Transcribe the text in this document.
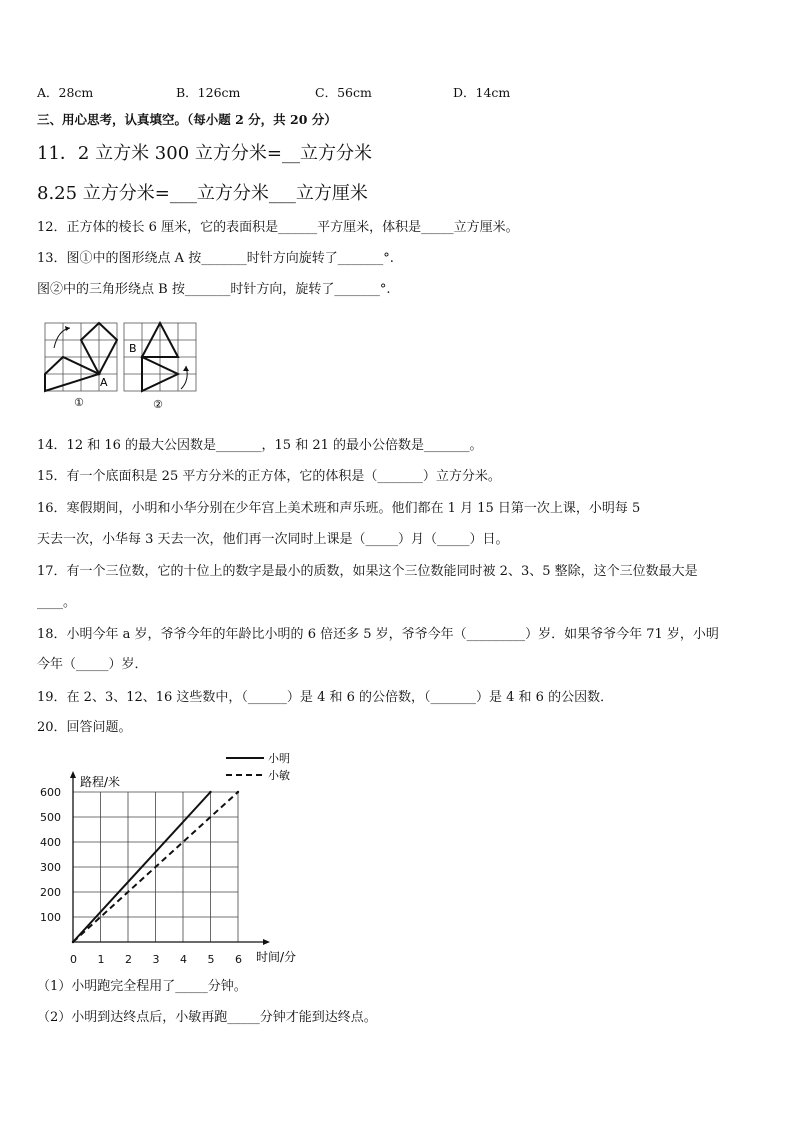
A．28cm	B．126cm	C．56cm	D．14cm
三、用心思考，认真填空。（每小题 2 分，共 20 分）
11．2 立方米 300 立方分米=__立方分米
8.25 立方分米=___立方分米___立方厘米
12．正方体的棱长 6 厘米，它的表面积是______平方厘米，体积是_____立方厘米。
13．图①中的图形绕点 A 按_______时针方向旋转了_______°.
图②中的三角形绕点 B 按_______时针方向，旋转了_______°.
A
①
B
②
14．12 和 16 的最大公因数是_______，15 和 21 的最小公倍数是_______。
15．有一个底面积是 25 平方分米的正方体，它的体积是（_______）立方分米。
16．寒假期间，小明和小华分别在少年宫上美术班和声乐班。他们都在 1 月 15 日第一次上课，小明每 5
天去一次，小华每 3 天去一次，他们再一次同时上课是（_____）月（_____）日。
17．有一个三位数，它的十位上的数字是最小的质数，如果这个三位数能同时被 2、3、5 整除，这个三位数最大是
____。
18．小明今年 a 岁，爷爷今年的年龄比小明的 6 倍还多 5 岁，爷爷今年（_________）岁．如果爷爷今年 71 岁，小明
今年（_____）岁．
19．在 2、3、12、16 这些数中，（______）是 4 和 6 的公倍数，（_______）是 4 和 6 的公因数．
20．回答问题。
0 1 2 3 4 5 6
100
200
300
400
500
600
路程/米
时间/分
小明
小敏
（1）小明跑完全程用了_____分钟。
（2）小明到达终点后，小敏再跑_____分钟才能到达终点。
